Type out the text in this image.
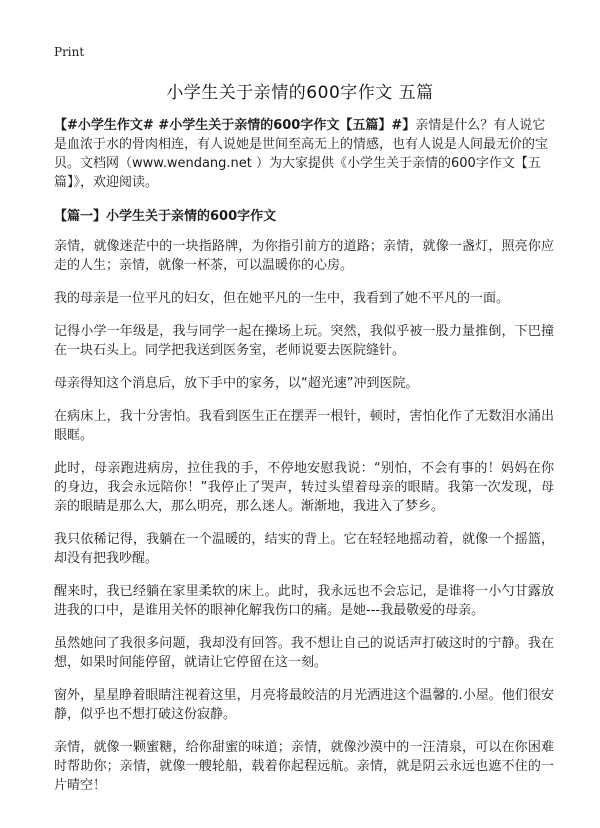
Print
小学生关于亲情的600字作文 五篇

【#小学生作文# #小学生关于亲情的600字作文【五篇】#】亲情是什么？有人说它是血浓于水的骨肉相连，有人说她是世间至高无上的情感，也有人说是人间最无价的宝贝。文档网（www.wendang.net ）为大家提供《小学生关于亲情的600字作文【五篇】》，欢迎阅读。

【篇一】小学生关于亲情的600字作文

亲情，就像迷茫中的一块指路牌，为你指引前方的道路；亲情，就像一盏灯，照亮你应走的人生；亲情，就像一杯茶，可以温暖你的心房。

我的母亲是一位平凡的妇女，但在她平凡的一生中，我看到了她不平凡的一面。

记得小学一年级是，我与同学一起在操场上玩。突然，我似乎被一股力量推倒，下巴撞在一块石头上。同学把我送到医务室，老师说要去医院缝针。

母亲得知这个消息后，放下手中的家务，以“超光速”冲到医院。

在病床上，我十分害怕。我看到医生正在摆弄一根针，顿时，害怕化作了无数泪水涌出眼眶。

此时，母亲跑进病房，拉住我的手，不停地安慰我说：“别怕，不会有事的！妈妈在你的身边，我会永远陪你！”我停止了哭声，转过头望着母亲的眼睛。我第一次发现，母亲的眼睛是那么大，那么明亮，那么迷人。渐渐地，我进入了梦乡。

我只依稀记得，我躺在一个温暖的，结实的背上。它在轻轻地摇动着，就像一个摇篮，却没有把我吵醒。

醒来时，我已经躺在家里柔软的床上。此时，我永远也不会忘记，是谁将一小勺甘露放进我的口中，是谁用关怀的眼神化解我伤口的痛。是她---我最敬爱的母亲。

虽然她问了我很多问题，我却没有回答。我不想让自己的说话声打破这时的宁静。我在想，如果时间能停留，就请让它停留在这一刻。

窗外，星星睁着眼睛注视着这里，月亮将最皎洁的月光洒进这个温馨的.小屋。他们很安静，似乎也不想打破这份寂静。

亲情，就像一颗蜜糖，给你甜蜜的味道；亲情，就像沙漠中的一汪清泉，可以在你困难时帮助你；亲情，就像一艘轮船，载着你起程远航。亲情，就是阴云永远也遮不住的一片晴空！
